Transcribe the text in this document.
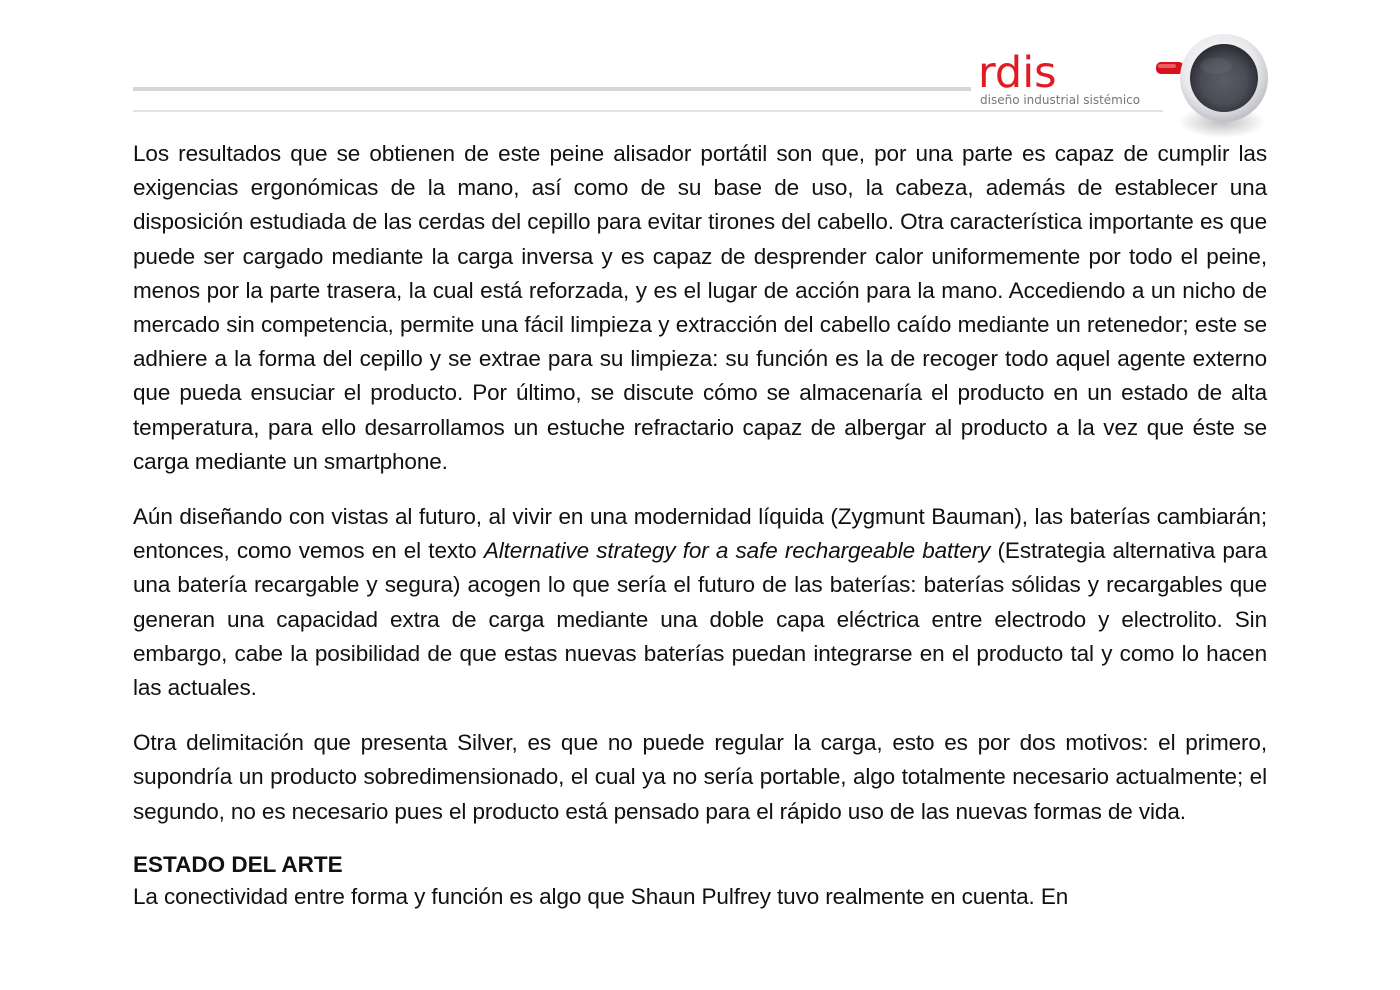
rdis
diseño industrial sistémico

Los resultados que se obtienen de este peine alisador portátil son que, por una parte es capaz de cumplir las exigencias ergonómicas de la mano, así como de su base de uso, la cabeza, además de establecer una disposición estudiada de las cerdas del cepillo para evitar tirones del cabello. Otra característica importante es que puede ser cargado mediante la carga inversa y es capaz de desprender calor uniformemente por todo el peine, menos por la parte trasera, la cual está reforzada, y es el lugar de acción para la mano. Accediendo a un nicho de mercado sin competencia, permite una fácil limpieza y extracción del cabello caído mediante un retenedor; este se adhiere a la forma del cepillo y se extrae para su limpieza: su función es la de recoger todo aquel agente externo que pueda ensuciar el producto. Por último, se discute cómo se almacenaría el producto en un estado de alta temperatura, para ello desarrollamos un estuche refractario capaz de albergar al producto a la vez que éste se carga mediante un smartphone.

Aún diseñando con vistas al futuro, al vivir en una modernidad líquida (Zygmunt Bauman), las baterías cambiarán; entonces, como vemos en el texto Alternative strategy for a safe rechargeable battery (Estrategia alternativa para una batería recargable y segura) acogen lo que sería el futuro de las baterías: baterías sólidas y recargables que generan una capacidad extra de carga mediante una doble capa eléctrica entre electrodo y electrolito. Sin embargo, cabe la posibilidad de que estas nuevas baterías puedan integrarse en el producto tal y como lo hacen las actuales.

Otra delimitación que presenta Silver, es que no puede regular la carga, esto es por dos motivos: el primero, supondría un producto sobredimensionado, el cual ya no sería portable, algo totalmente necesario actualmente; el segundo, no es necesario pues el producto está pensado para el rápido uso de las nuevas formas de vida.

ESTADO DEL ARTE

La conectividad entre forma y función es algo que Shaun Pulfrey tuvo realmente en cuenta. En
